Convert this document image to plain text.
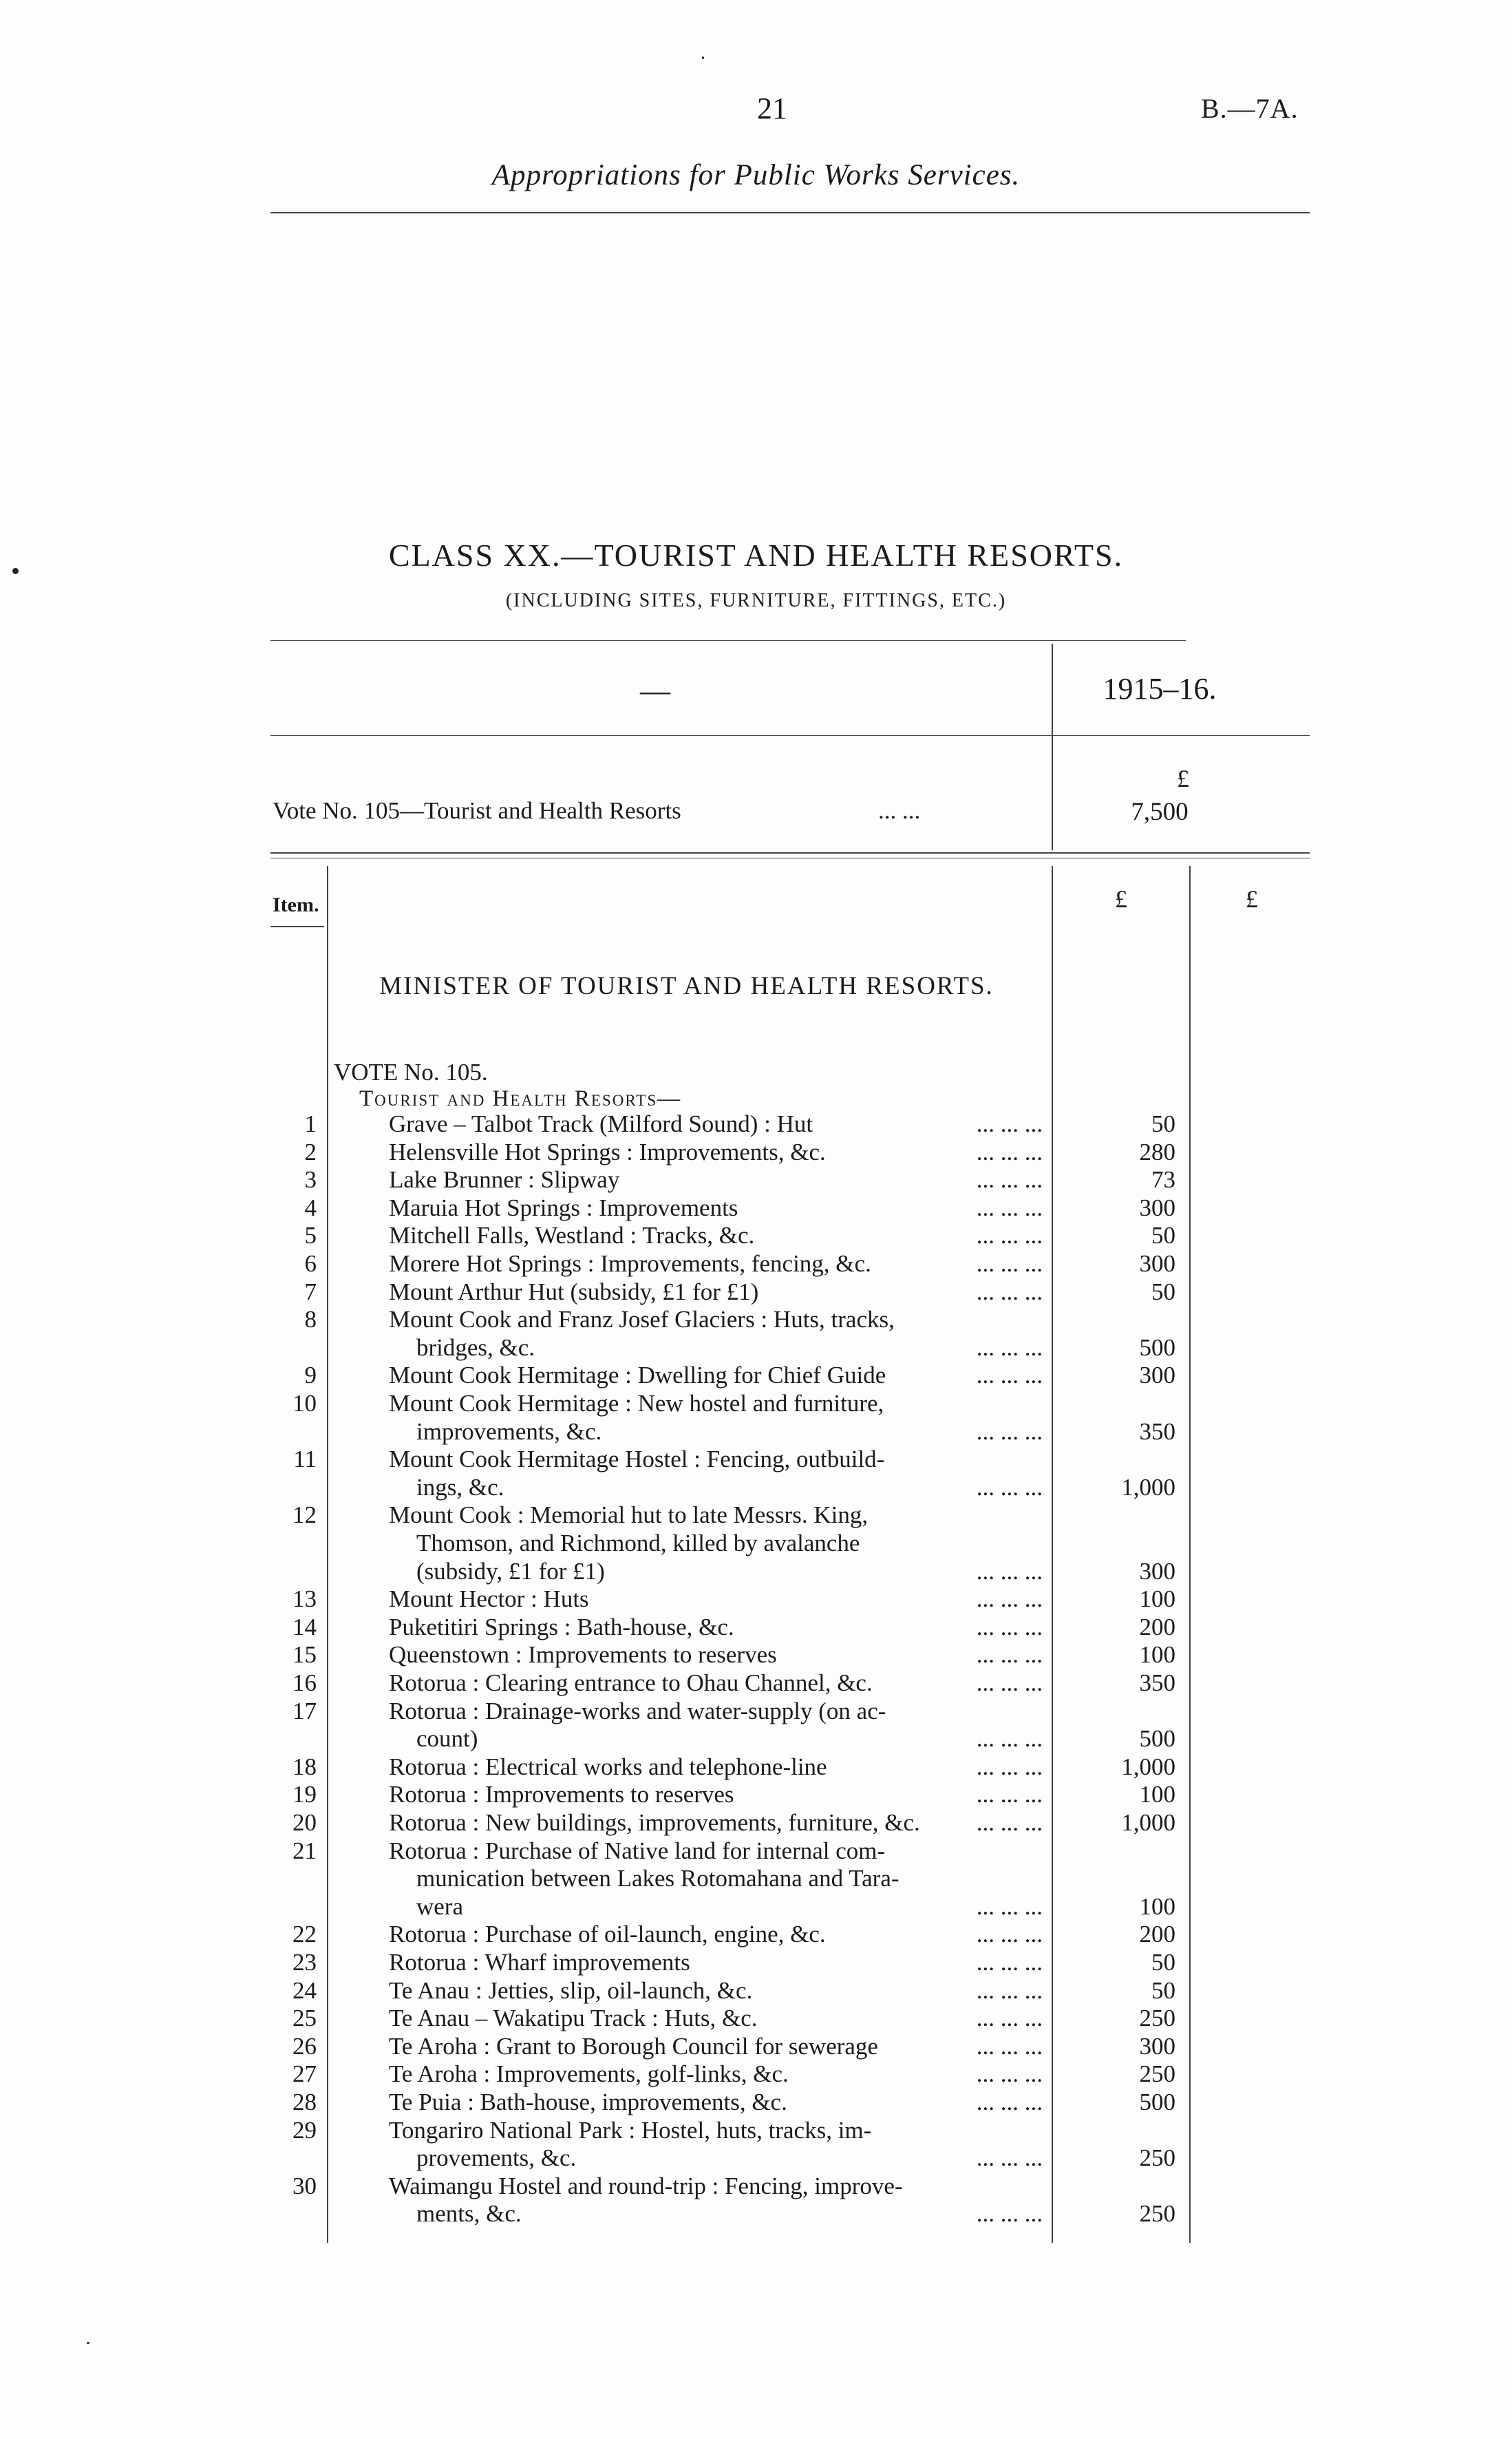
21	B.—7A.
Appropriations for Public Works Services.
CLASS XX.—TOURIST AND HEALTH RESORTS.
(INCLUDING SITES, FURNITURE, FITTINGS, ETC.)
—	1915–16.
£
Vote No. 105—Tourist and Health Resorts	... ...	7,500
Item.	£	£
MINISTER OF TOURIST AND HEALTH RESORTS.
VOTE No. 105.
Tourist and Health Resorts—
1	Grave – Talbot Track (Milford Sound) : Hut	... ... ...	50
2	Helensville Hot Springs : Improvements, &c.	... ... ...	280
3	Lake Brunner : Slipway	... ... ...	73
4	Maruia Hot Springs : Improvements	... ... ...	300
5	Mitchell Falls, Westland : Tracks, &c.	... ... ...	50
6	Morere Hot Springs : Improvements, fencing, &c.	... ... ...	300
7	Mount Arthur Hut (subsidy, £1 for £1)	... ... ...	50
8	Mount Cook and Franz Josef Glaciers : Huts, tracks,
bridges, &c.	... ... ...	500
9	Mount Cook Hermitage : Dwelling for Chief Guide	... ... ...	300
10	Mount Cook Hermitage : New hostel and furniture,
improvements, &c.	... ... ...	350
11	Mount Cook Hermitage Hostel : Fencing, outbuild-
ings, &c.	... ... ...	1,000
12	Mount Cook : Memorial hut to late Messrs. King,
Thomson, and Richmond, killed by avalanche
(subsidy, £1 for £1)	... ... ...	300
13	Mount Hector : Huts	... ... ...	100
14	Puketitiri Springs : Bath-house, &c.	... ... ...	200
15	Queenstown : Improvements to reserves	... ... ...	100
16	Rotorua : Clearing entrance to Ohau Channel, &c.	... ... ...	350
17	Rotorua : Drainage-works and water-supply (on ac-
count)	... ... ...	500
18	Rotorua : Electrical works and telephone-line	... ... ...	1,000
19	Rotorua : Improvements to reserves	... ... ...	100
20	Rotorua : New buildings, improvements, furniture, &c. ... ... ...	1,000
21	Rotorua : Purchase of Native land for internal com-
munication between Lakes Rotomahana and Tara-
wera	... ... ...	100
22	Rotorua : Purchase of oil-launch, engine, &c.	... ... ...	200
23	Rotorua : Wharf improvements	... ... ...	50
24	Te Anau : Jetties, slip, oil-launch, &c.	... ... ...	50
25	Te Anau – Wakatipu Track : Huts, &c.	... ... ...	250
26	Te Aroha : Grant to Borough Council for sewerage	... ... ...	300
27	Te Aroha : Improvements, golf-links, &c.	... ... ...	250
28	Te Puia : Bath-house, improvements, &c.	... ... ...	500
29	Tongariro National Park : Hostel, huts, tracks, im-
provements, &c.	... ... ...	250
30	Waimangu Hostel and round-trip : Fencing, improve-
ments, &c.	... ... ...	250
